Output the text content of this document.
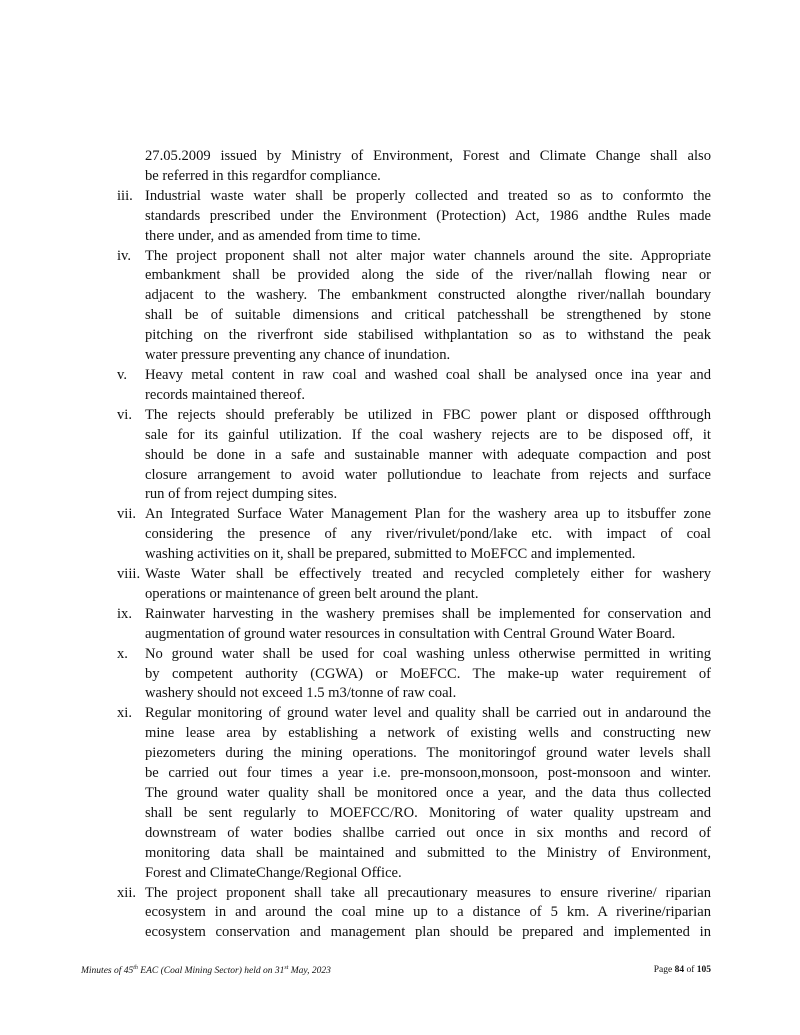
27.05.2009 issued by Ministry of Environment, Forest and Climate Change shall also
be referred in this regardfor compliance.
iii. Industrial waste water shall be properly collected and treated so as to conformto the
standards prescribed under the Environment (Protection) Act, 1986 andthe Rules made
there under, and as amended from time to time.
iv. The project proponent shall not alter major water channels around the site. Appropriate
embankment shall be provided along the side of the river/nallah flowing near or
adjacent to the washery. The embankment constructed alongthe river/nallah boundary
shall be of suitable dimensions and critical patchesshall be strengthened by stone
pitching on the riverfront side stabilised withplantation so as to withstand the peak
water pressure preventing any chance of inundation.
v. Heavy metal content in raw coal and washed coal shall be analysed once ina year and
records maintained thereof.
vi. The rejects should preferably be utilized in FBC power plant or disposed offthrough
sale for its gainful utilization. If the coal washery rejects are to be disposed off, it
should be done in a safe and sustainable manner with adequate compaction and post
closure arrangement to avoid water pollutiondue to leachate from rejects and surface
run of from reject dumping sites.
vii. An Integrated Surface Water Management Plan for the washery area up to itsbuffer zone
considering the presence of any river/rivulet/pond/lake etc. with impact of coal
washing activities on it, shall be prepared, submitted to MoEFCC and implemented.
viii. Waste Water shall be effectively treated and recycled completely either for washery
operations or maintenance of green belt around the plant.
ix. Rainwater harvesting in the washery premises shall be implemented for conservation and
augmentation of ground water resources in consultation with Central Ground Water Board.
x. No ground water shall be used for coal washing unless otherwise permitted in writing
by competent authority (CGWA) or MoEFCC. The make-up water requirement of
washery should not exceed 1.5 m3/tonne of raw coal.
xi. Regular monitoring of ground water level and quality shall be carried out in andaround the
mine lease area by establishing a network of existing wells and constructing new
piezometers during the mining operations. The monitoringof ground water levels shall
be carried out four times a year i.e. pre-monsoon,monsoon, post-monsoon and winter.
The ground water quality shall be monitored once a year, and the data thus collected
shall be sent regularly to MOEFCC/RO. Monitoring of water quality upstream and
downstream of water bodies shallbe carried out once in six months and record of
monitoring data shall be maintained and submitted to the Ministry of Environment,
Forest and ClimateChange/Regional Office.
xii. The project proponent shall take all precautionary measures to ensure riverine/ riparian
ecosystem in and around the coal mine up to a distance of 5 km. A riverine/riparian
ecosystem conservation and management plan should be prepared and implemented in
Minutes of 45th EAC (Coal Mining Sector) held on 31st May, 2023	Page 84 of 105
